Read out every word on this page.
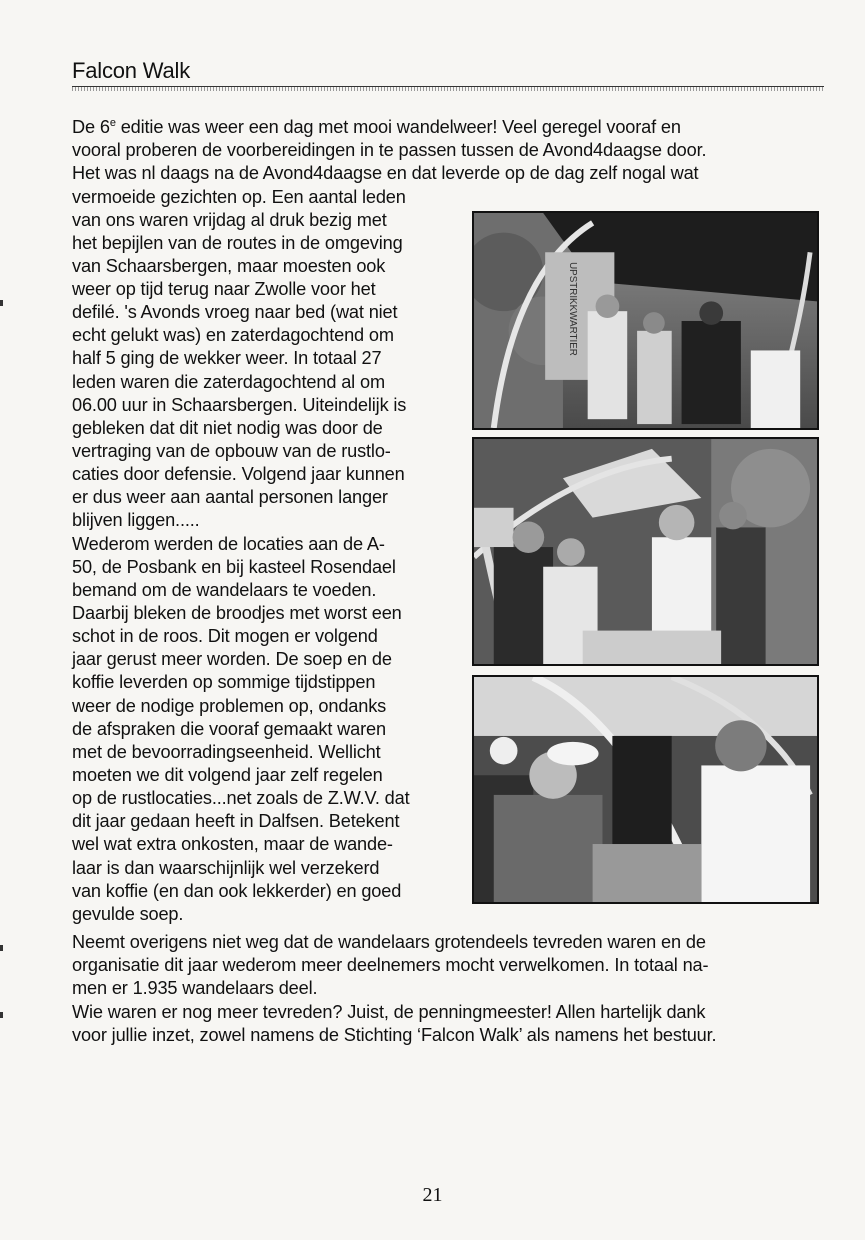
Falcon Walk

De 6e editie was weer een dag met mooi wandelweer! Veel geregel vooraf en

vooral proberen de voorbereidingen in te passen tussen de Avond4daagse door.

Het was nl daags na de Avond4daagse en dat leverde op de dag zelf nogal wat

vermoeide gezichten op. Een aantal leden

van ons waren vrijdag al druk bezig met

het bepijlen van de routes in de omgeving

van Schaarsbergen, maar moesten ook

weer op tijd terug naar Zwolle voor het

defilé. 's Avonds vroeg naar bed (wat niet

echt gelukt was) en zaterdagochtend om

half 5 ging de wekker weer. In totaal 27

leden waren die zaterdagochtend al om

06.00 uur in Schaarsbergen. Uiteindelijk is

gebleken dat dit niet nodig was door de

vertraging van de opbouw van de rustlo-

caties door defensie. Volgend jaar kunnen

er dus weer aan aantal personen langer

blijven liggen.....

Wederom werden de locaties aan de A-

50, de Posbank en bij kasteel Rosendael

bemand om de wandelaars te voeden.

Daarbij bleken de broodjes met worst een

schot in de roos. Dit mogen er volgend

jaar gerust meer worden. De soep en de

koffie leverden op sommige tijdstippen

weer de nodige problemen op, ondanks

de afspraken die vooraf gemaakt waren

met de bevoorradingseenheid. Wellicht

moeten we dit volgend jaar zelf regelen

op de rustlocaties...net zoals de Z.W.V. dat

dit jaar gedaan heeft in Dalfsen. Betekent

wel wat extra onkosten, maar de wande-

laar is dan waarschijnlijk wel verzekerd

van koffie (en dan ook lekkerder) en goed

gevulde soep.

Neemt overigens niet weg dat de wandelaars grotendeels tevreden waren en de

organisatie dit jaar wederom meer deelnemers mocht verwelkomen. In totaal na-

men er 1.935 wandelaars deel.

Wie waren er nog meer tevreden? Juist, de penningmeester! Allen hartelijk dank

voor jullie inzet, zowel namens de Stichting ‘Falcon Walk’ als namens het bestuur.

UPSTRIKKWARTIER
21
